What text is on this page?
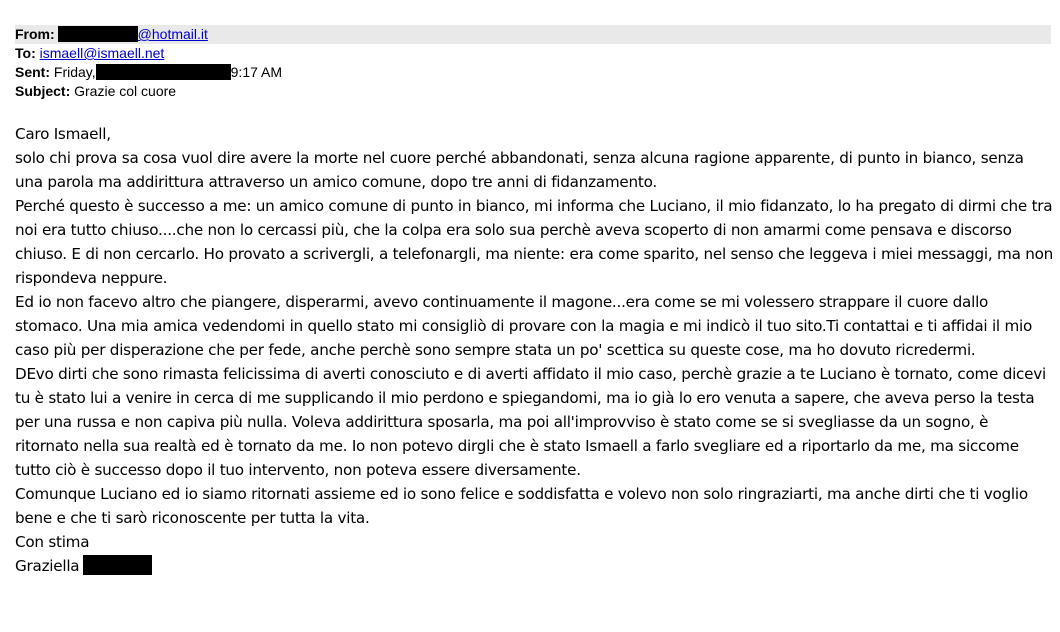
From:	@hotmail.it
To: ismaell@ismaell.net
Sent: Friday,	9:17 AM
Subject: Grazie col cuore

Caro Ismaell,

solo chi prova sa cosa vuol dire avere la morte nel cuore perché abbandonati, senza alcuna ragione apparente, di punto in bianco, senza una parola ma addirittura attraverso un amico comune, dopo tre anni di fidanzamento.

Perché questo è successo a me: un amico comune di punto in bianco, mi informa che Luciano, il mio fidanzato, lo ha pregato di dirmi che tra noi era tutto chiuso....che non lo cercassi più, che la colpa era solo sua perchè aveva scoperto di non amarmi come pensava e discorso chiuso. E di non cercarlo. Ho provato a scrivergli, a telefonargli, ma niente: era come sparito, nel senso che leggeva i miei messaggi, ma non rispondeva neppure.

Ed io non facevo altro che piangere, disperarmi, avevo continuamente il magone...era come se mi volessero strappare il cuore dallo stomaco. Una mia amica vedendomi in quello stato mi consigliò di provare con la magia e mi indicò il tuo sito.Ti contattai e ti affidai il mio caso più per disperazione che per fede, anche perchè sono sempre stata un po' scettica su queste cose, ma ho dovuto ricredermi.

DEvo dirti che sono rimasta felicissima di averti conosciuto e di averti affidato il mio caso, perchè grazie a te Luciano è tornato, come dicevi tu è stato lui a venire in cerca di me supplicando il mio perdono e spiegandomi, ma io già lo ero venuta a sapere, che aveva perso la testa per una russa e non capiva più nulla. Voleva addirittura sposarla, ma poi all'improvviso è stato come se si svegliasse da un sogno, è ritornato nella sua realtà ed è tornato da me. Io non potevo dirgli che è stato Ismaell a farlo svegliare ed a riportarlo da me, ma siccome tutto ciò è successo dopo il tuo intervento, non poteva essere diversamente.

Comunque Luciano ed io siamo ritornati assieme ed io sono felice e soddisfatta e volevo non solo ringraziarti, ma anche dirti che ti voglio bene e che ti sarò riconoscente per tutta la vita.

Con stima

Graziella
